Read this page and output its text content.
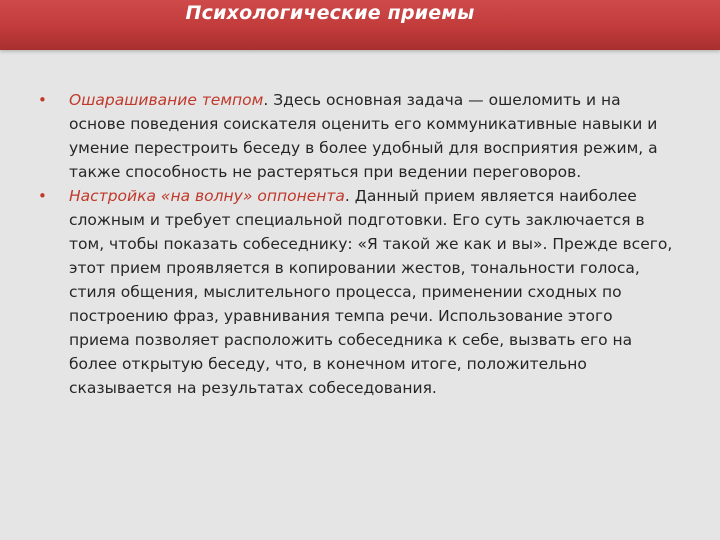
Психологические приемы
• Ошарашивание темпом. Здесь основная задача — ошеломить и на основе поведения соискателя оценить его коммуникативные навыки и умение перестроить беседу в более удобный для восприятия режим, а также способность не растеряться при ведении переговоров.
• Настройка «на волну» оппонента. Данный прием является наиболее сложным и требует специальной подготовки. Его суть заключается в том, чтобы показать собеседнику: «Я такой же как и вы». Прежде всего, этот прием проявляется в копировании жестов, тональности голоса, стиля общения, мыслительного процесса, применении сходных по построению фраз, уравнивания темпа речи. Использование этого приема позволяет расположить собеседника к себе, вызвать его на более открытую беседу, что, в конечном итоге, положительно сказывается на результатах собеседования.
